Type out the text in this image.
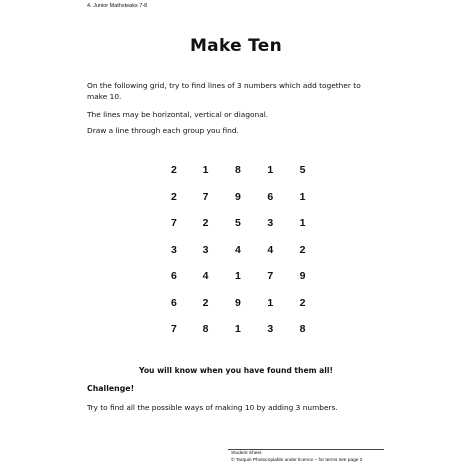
4. Junior Mathsteaks 7-8
Make Ten

On the following grid, try to find lines of 3 numbers which add together to make 10.

The lines may be horizontal, vertical or diagonal.

Draw a line through each group you find.

2	1	8	1	5
2	7	9	6	1
7	2	5	3	1
3	3	4	4	2
6	4	1	7	9
6	2	9	1	2
7	8	1	3	8
You will know when you have found them all!
Challenge!

Try to find all the possible ways of making 10 by adding 3 numbers.

Student Sheet
© Tarquin Photocopiable under licence – for terms see page 2
